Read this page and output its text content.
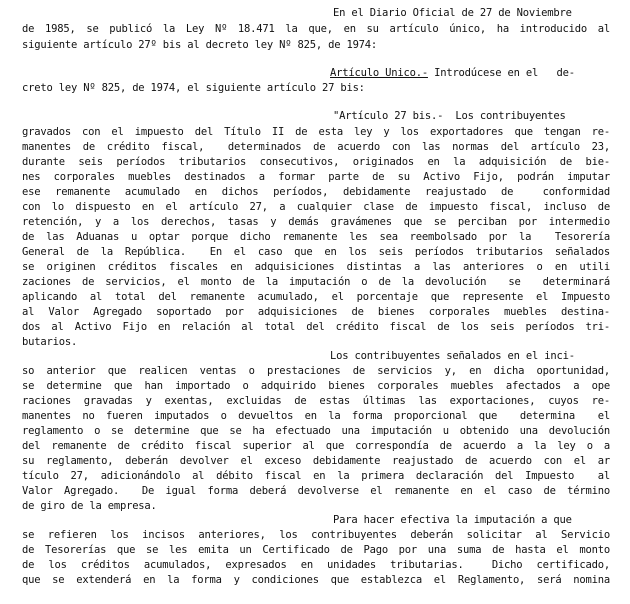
En el Diario Oficial de 27 de Noviembre
de 1985, se publicó la Ley Nº 18.471 la que, en su artículo único, ha introducido al
siguiente artículo 27º bis al decreto ley Nº 825, de 1974:
Artículo Unico.- Introdúcese en el   de-
creto ley Nº 825, de 1974, el siguiente artículo 27 bis:
"Artículo 27 bis.-  Los contribuyentes
gravados con el impuesto del Título II de esta ley y los exportadores que tengan re-
manentes de crédito fiscal,  determinados de acuerdo con las normas del artículo 23,
durante seis períodos tributarios consecutivos, originados en la adquisición de bie-
nes corporales muebles destinados a formar parte de su Activo Fijo, podrán imputar
ese remanente acumulado en dichos períodos, debidamente reajustado de  conformidad
con lo dispuesto en el artículo 27, a cualquier clase de impuesto fiscal, incluso de
retención, y a los derechos, tasas y demás gravámenes que se perciban por intermedio
de las Aduanas u optar porque dicho remanente les sea reembolsado por la  Tesorería
General de la República.  En el caso que en los seis períodos tributarios señalados
se originen créditos fiscales en adquisiciones distintas a las anteriores o en utili
zaciones de servicios, el monto de la imputación o de la devolución  se  determinará
aplicando al total del remanente acumulado, el porcentaje que represente el Impuesto
al Valor Agregado soportado por adquisiciones de bienes corporales muebles destina-
dos al Activo Fijo en relación al total del crédito fiscal de los seis períodos tri-
butarios.
Los contribuyentes señalados en el inci-
so anterior que realicen ventas o prestaciones de servicios y, en dicha oportunidad,
se determine que han importado o adquirido bienes corporales muebles afectados a ope
raciones gravadas y exentas, excluidas de estas últimas las exportaciones, cuyos re-
manentes no fueren imputados o devueltos en la forma proporcional que  determina  el
reglamento o se determine que se ha efectuado una imputación u obtenido una devolución
del remanente de crédito fiscal superior al que correspondía de acuerdo a la ley o a
su reglamento, deberán devolver el exceso debidamente reajustado de acuerdo con el ar
tículo 27, adicionándolo al débito fiscal en la primera declaración del Impuesto  al
Valor Agregado.  De igual forma deberá devolverse el remanente en el caso de término
de giro de la empresa.
Para hacer efectiva la imputación a que
se refieren los incisos anteriores, los contribuyentes deberán solicitar al Servicio
de Tesorerías que se les emita un Certificado de Pago por una suma de hasta el monto
de los créditos acumulados, expresados en unidades tributarias.  Dicho certificado,
que se extenderá en la forma y condiciones que establezca el Reglamento, será nomina
